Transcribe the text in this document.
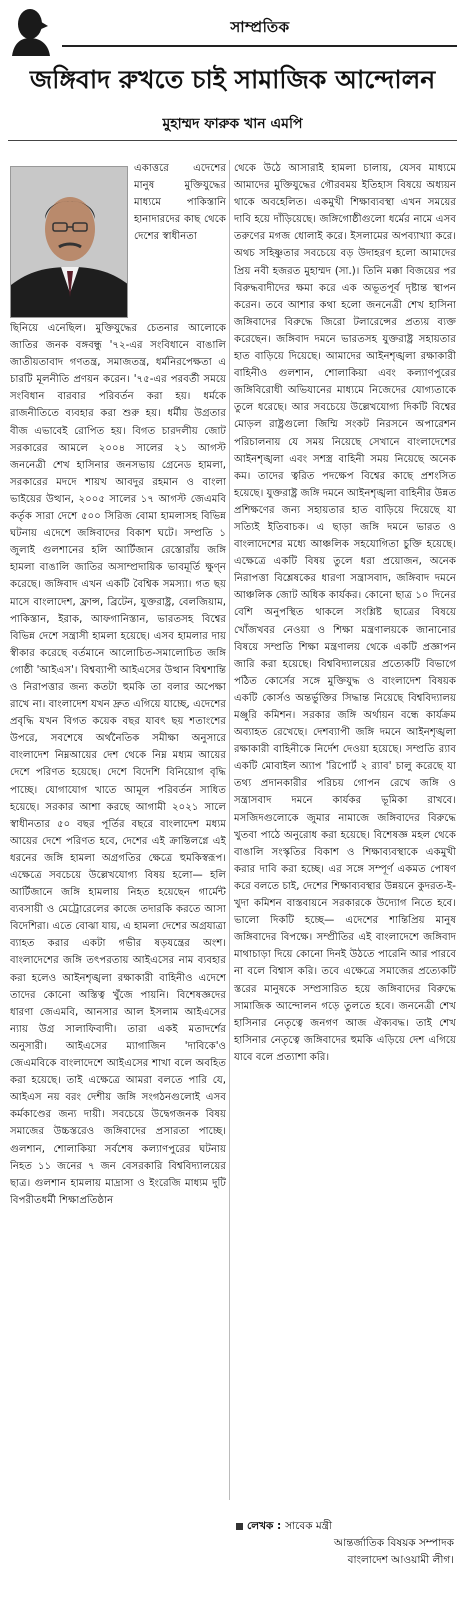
সাম্প্রতিক
জঙ্গিবাদ রুখতে চাই সামাজিক আন্দোলন
মুহাম্মদ ফারুক খান এমপি
একাত্তরে এদেশের মানুষ মুক্তিযুদ্ধের মাধ্যমে পাকিস্তানি হানাদারদের কাছ থেকে দেশের স্বাধীনতা
ছিনিয়ে এনেছিল। মুক্তিযুদ্ধের চেতনার আলোকে জাতির জনক বঙ্গবন্ধু '৭২-এর সংবিধানে বাঙালি জাতীয়তাবাদ গণতন্ত্র, সমাজতন্ত্র, ধর্মনিরপেক্ষতা এ চারটি মূলনীতি প্রণয়ন করেন। '৭৫-এর পরবর্তী সময়ে সংবিধান বারবার পরিবর্তন করা হয়। ধর্মকে রাজনীতিতে ব্যবহার করা শুরু হয়। ধর্মীয় উগ্রতার বীজ এভাবেই রোপিত হয়। বিগত চারদলীয় জোট সরকারের আমলে ২০০৪ সালের ২১ আগস্ট জননেত্রী শেখ হাসিনার জনসভায় গ্রেনেড হামলা, সরকারের মদদে শায়খ আবদুর রহমান ও বাংলা ভাইয়ের উত্থান, ২০০৫ সালের ১৭ আগস্ট জেএমবি কর্তৃক সারা দেশে ৫০০ সিরিজ বোমা হামলাসহ বিভিন্ন ঘটনায় এদেশে জঙ্গিবাদের বিকাশ ঘটে। সম্প্রতি ১ জুলাই গুলশানের হলি আর্টিজান রেস্তোরাঁয় জঙ্গি হামলা বাঙালি জাতির অসাম্প্রদায়িক ভাবমূর্তি ক্ষুণ্ন করেছে। জঙ্গিবাদ এখন একটি বৈশ্বিক সমস্যা। গত ছয় মাসে বাংলাদেশ, ফ্রান্স, ব্রিটেন, যুক্তরাষ্ট্র, বেলজিয়াম, পাকিস্তান, ইরাক, আফগানিস্তান, ভারতসহ বিশ্বের বিভিন্ন দেশে সন্ত্রাসী হামলা হয়েছে। এসব হামলার দায় স্বীকার করেছে বর্তমানে আলোচিত-সমালোচিত জঙ্গি গোষ্ঠী 'আইএস'। বিশ্বব্যাপী আইএসের উত্থান বিশ্বশান্তি ও নিরাপত্তার জন্য কতটা হুমকি তা বলার অপেক্ষা রাখে না। বাংলাদেশ যখন দ্রুত এগিয়ে যাচ্ছে, এদেশের প্রবৃদ্ধি যখন বিগত কয়েক বছর যাবৎ ছয় শতাংশের উপরে, সবশেষে অর্থনৈতিক সমীক্ষা অনুসারে বাংলাদেশ নিম্নআয়ের দেশ থেকে নিম্ন মধ্যম আয়ের দেশে পরিণত হয়েছে। দেশে বিদেশি বিনিয়োগ বৃদ্ধি পাচ্ছে। যোগাযোগ খাতে আমূল পরিবর্তন সাধিত হয়েছে। সরকার আশা করছে আগামী ২০২১ সালে স্বাধীনতার ৫০ বছর পূর্তির বছরে বাংলাদেশ মধ্যম আয়ের দেশে পরিণত হবে, দেশের এই ক্রান্তিলগ্নে এই ধরনের জঙ্গি হামলা অগ্রগতির ক্ষেত্রে হুমকিস্বরূপ। এক্ষেত্রে সবচেয়ে উল্লেখযোগ্য বিষয় হলো— হলি আর্টিজানে জঙ্গি হামলায় নিহত হয়েছেন গার্মেন্ট ব্যবসায়ী ও মেট্রোরেলের কাজে তদারকি করতে আসা বিদেশিরা। এতে বোঝা যায়, এ হামলা দেশের অগ্রযাত্রা ব্যাহত করার একটা গভীর ষড়যন্ত্রের অংশ। বাংলাদেশের জঙ্গি তৎপরতায় আইএসের নাম ব্যবহার করা হলেও আইনশৃঙ্খলা রক্ষাকারী বাহিনীও এদেশে তাদের কোনো অস্তিত্ব খুঁজে পায়নি। বিশেষজ্ঞদের ধারণা জেএমবি, আনসার আল ইসলাম আইএসের ন্যায় উগ্র সালাফিবাদী। তারা একই মতাদর্শের অনুসারী। আইএসের ম্যাগাজিন 'দাবিকে'ও জেএমবিকে বাংলাদেশে আইএসের শাখা বলে অবহিত করা হয়েছে। তাই এক্ষেত্রে আমরা বলতে পারি যে, আইএস নয় বরং দেশীয় জঙ্গি সংগঠনগুলোই এসব কর্মকাণ্ডের জন্য দায়ী। সবচেয়ে উদ্বেগজনক বিষয় সমাজের উচ্চস্তরেও জঙ্গিবাদের প্রসারতা পাচ্ছে। গুলশান, শোলাকিয়া সর্বশেষ কল্যাণপুরের ঘটনায় নিহত ১১ জনের ৭ জন বেসরকারি বিশ্ববিদ্যালয়ের ছাত্র। গুলশান হামলায় মাদ্রাসা ও ইংরেজি মাধ্যম দুটি বিপরীতধর্মী শিক্ষাপ্রতিষ্ঠান
থেকে উঠে আসারাই হামলা চালায়, যেসব মাধ্যমে আমাদের মুক্তিযুদ্ধের গৌরবময় ইতিহাস বিষয়ে অধ্যয়ন থাকে অবহেলিত। একমুখী শিক্ষাব্যবস্থা এখন সময়ের দাবি হয়ে দাঁড়িয়েছে। জঙ্গিগোষ্ঠীগুলো ধর্মের নামে এসব তরুণের মগজ ধোলাই করে। ইসলামের অপব্যাখ্যা করে। অথচ সহিষ্ণুতার সবচেয়ে বড় উদাহরণ হলো আমাদের প্রিয় নবী হজরত মুহাম্মদ (সা.)। তিনি মক্কা বিজয়ের পর বিরুদ্ধবাদীদের ক্ষমা করে এক অভূতপূর্ব দৃষ্টান্ত স্থাপন করেন। তবে আশার কথা হলো জননেত্রী শেখ হাসিনা জঙ্গিবাদের বিরুদ্ধে জিরো টলারেন্সের প্রত্যয় ব্যক্ত করেছেন। জঙ্গিবাদ দমনে ভারতসহ যুক্তরাষ্ট্র সহায়তার হাত বাড়িয়ে দিয়েছে। আমাদের আইনশৃঙ্খলা রক্ষাকারী বাহিনীও গুলশান, শোলাকিয়া এবং কল্যাণপুরের জঙ্গিবিরোধী অভিযানের মাধ্যমে নিজেদের যোগ্যতাকে তুলে ধরেছে। আর সবচেয়ে উল্লেখযোগ্য দিকটি বিশ্বের মোড়ল রাষ্ট্রগুলো জিম্মি সংকট নিরসনে অপারেশন পরিচালনায় যে সময় নিয়েছে সেখানে বাংলাদেশের আইনশৃঙ্খলা এবং সশস্ত্র বাহিনী সময় নিয়েছে অনেক কম। তাদের ত্বরিত পদক্ষেপ বিশ্বের কাছে প্রশংসিত হয়েছে। যুক্তরাষ্ট্র জঙ্গি দমনে আইনশৃঙ্খলা বাহিনীর উন্নত প্রশিক্ষণের জন্য সহায়তার হাত বাড়িয়ে দিয়েছে যা সত্যিই ইতিবাচক। এ ছাড়া জঙ্গি দমনে ভারত ও বাংলাদেশের মধ্যে আঞ্চলিক সহযোগিতা চুক্তি হয়েছে। এক্ষেত্রে একটি বিষয় তুলে ধরা প্রয়োজন, অনেক নিরাপত্তা বিশ্লেষকের ধারণা সন্ত্রাসবাদ, জঙ্গিবাদ দমনে আঞ্চলিক জোট অধিক কার্যকর। কোনো ছাত্র ১০ দিনের বেশি অনুপস্থিত থাকলে সংশ্লিষ্ট ছাত্রের বিষয়ে খোঁজখবর নেওয়া ও শিক্ষা মন্ত্রণালয়কে জানানোর বিষয়ে সম্প্রতি শিক্ষা মন্ত্রণালয় থেকে একটি প্রজ্ঞাপন জারি করা হয়েছে। বিশ্ববিদ্যালয়ের প্রত্যেকটি বিভাগে পঠিত কোর্সের সঙ্গে মুক্তিযুদ্ধ ও বাংলাদেশ বিষয়ক একটি কোর্সও অন্তর্ভুক্তির সিদ্ধান্ত নিয়েছে বিশ্ববিদ্যালয় মঞ্জুরি কমিশন। সরকার জঙ্গি অর্থায়ন বন্ধে কার্যক্রম অব্যাহত রেখেছে। দেশব্যাপী জঙ্গি দমনে আইনশৃঙ্খলা রক্ষাকারী বাহিনীকে নির্দেশ দেওয়া হয়েছে। সম্প্রতি র‌্যাব একটি মোবাইল অ্যাপ 'রিপোর্ট ২ র‌্যাব' চালু করেছে যা তথ্য প্রদানকারীর পরিচয় গোপন রেখে জঙ্গি ও সন্ত্রাসবাদ দমনে কার্যকর ভূমিকা রাখবে। মসজিদগুলোকে জুমার নামাজে জঙ্গিবাদের বিরুদ্ধে খুতবা পাঠে অনুরোধ করা হয়েছে। বিশেষজ্ঞ মহল থেকে বাঙালি সংস্কৃতির বিকাশ ও শিক্ষাব্যবস্থাকে একমুখী করার দাবি করা হচ্ছে। এর সঙ্গে সম্পূর্ণ একমত পোষণ করে বলতে চাই, দেশের শিক্ষাব্যবস্থার উন্নয়নে কুদরত-ই-খুদা কমিশন বাস্তবায়নে সরকারকে উদ্যোগ নিতে হবে। ভালো দিকটি হচ্ছে— এদেশের শান্তিপ্রিয় মানুষ জঙ্গিবাদের বিপক্ষে। সম্প্রীতির এই বাংলাদেশে জঙ্গিবাদ মাথাচাড়া দিয়ে কোনো দিনই উঠতে পারেনি আর পারবে না বলে বিশ্বাস করি। তবে এক্ষেত্রে সমাজের প্রত্যেকটি স্তরের মানুষকে সম্প্রসারিত হয়ে জঙ্গিবাদের বিরুদ্ধে সামাজিক আন্দোলন গড়ে তুলতে হবে। জননেত্রী শেখ হাসিনার নেতৃত্বে জনগণ আজ ঐক্যবদ্ধ। তাই শেখ হাসিনার নেতৃত্বে জঙ্গিবাদের হুমকি এড়িয়ে দেশ এগিয়ে যাবে বলে প্রত্যাশা করি।
লেখক : সাবেক মন্ত্রী
আন্তর্জাতিক বিষয়ক সম্পাদক
বাংলাদেশ আওয়ামী লীগ।
